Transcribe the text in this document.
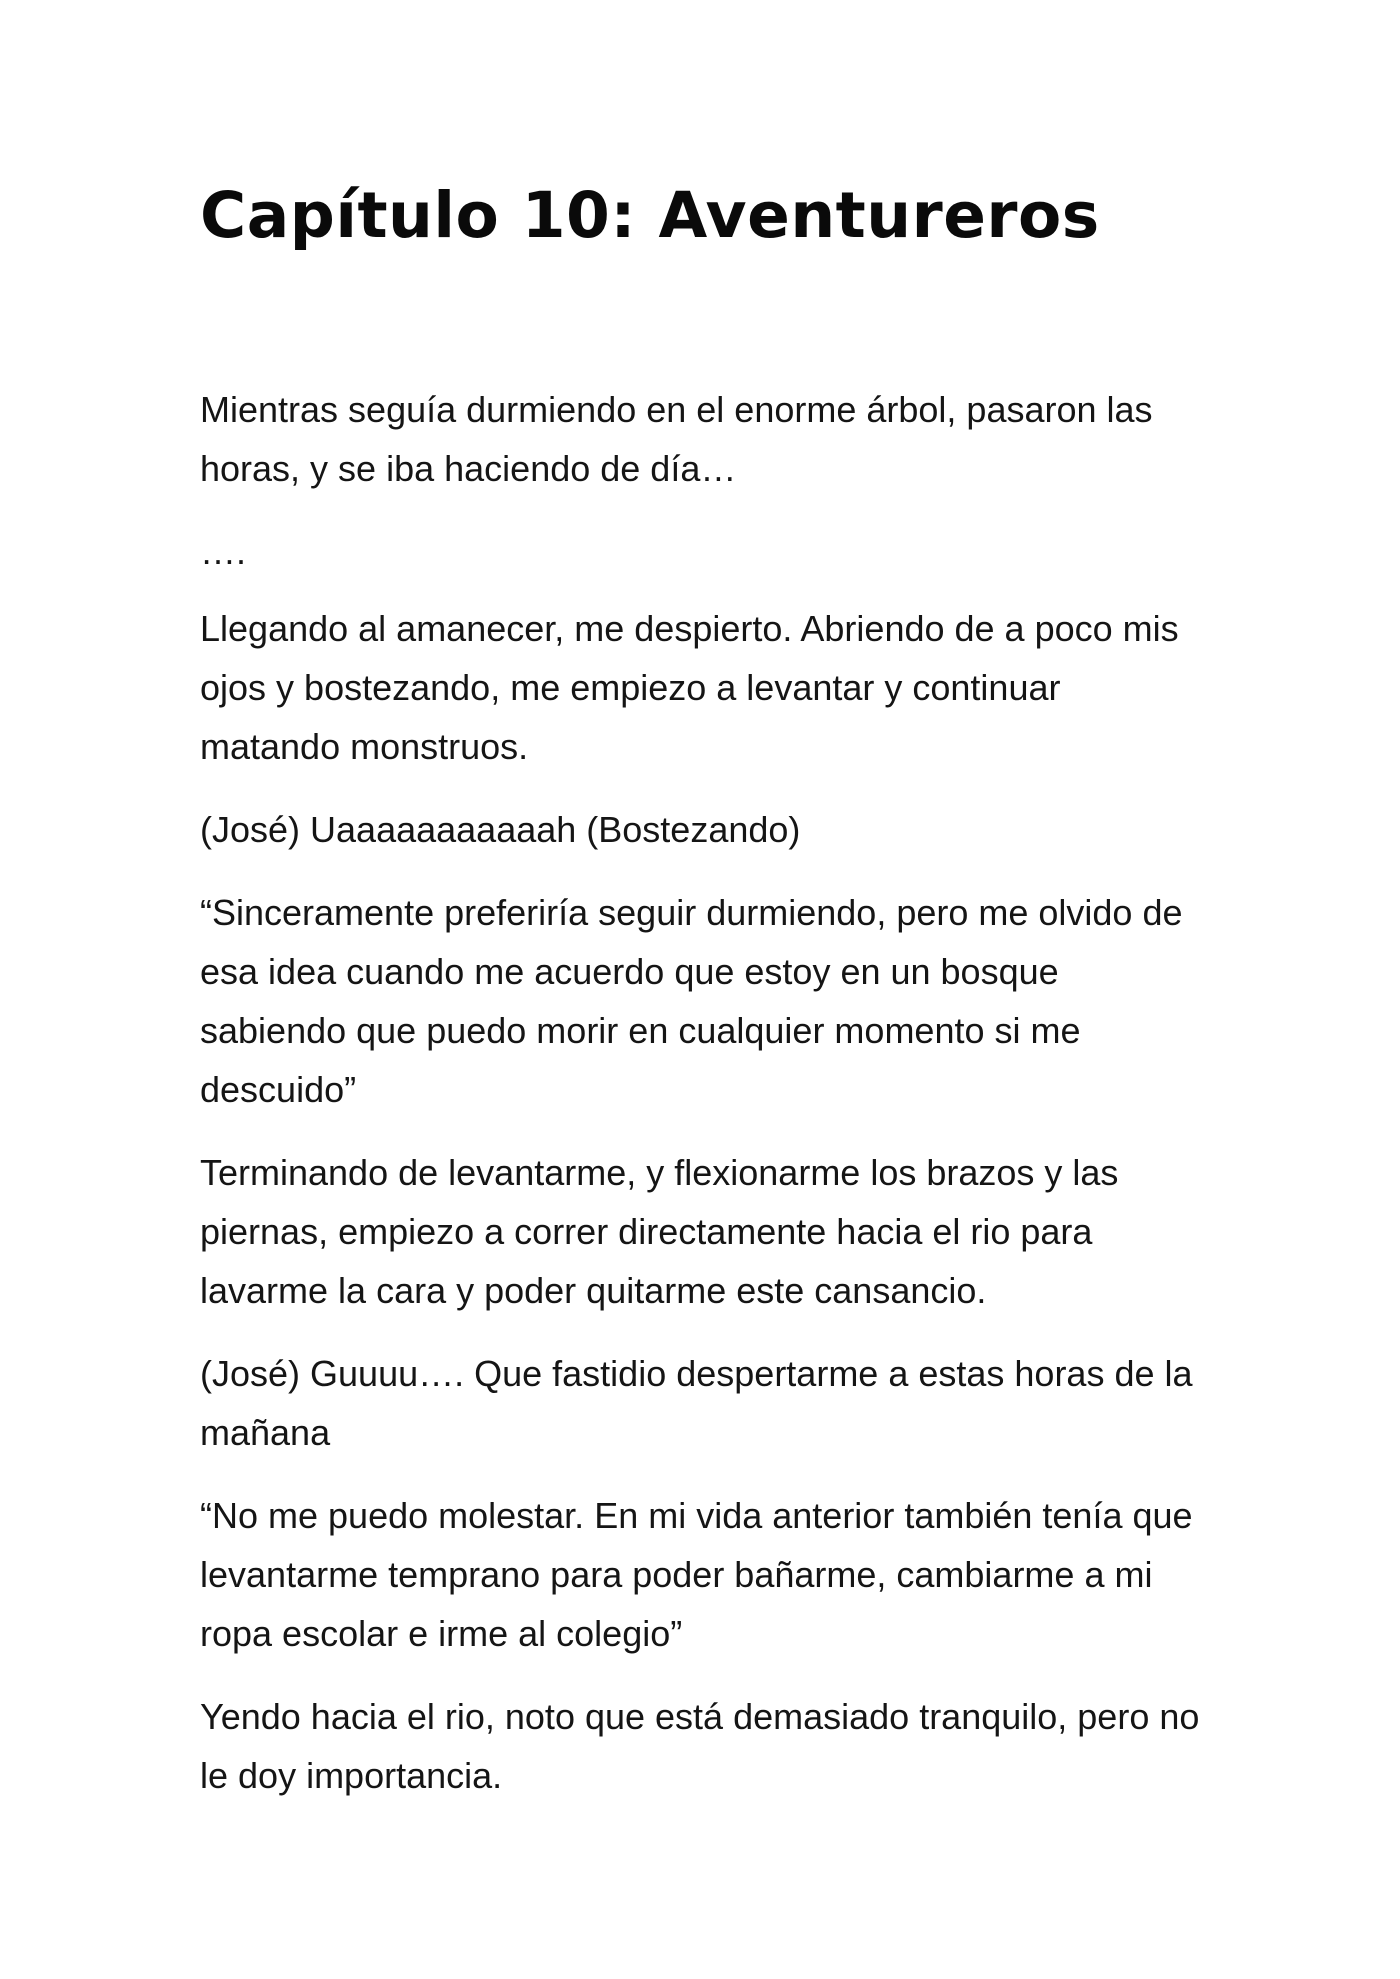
Capítulo 10: Aventureros

Mientras seguía durmiendo en el enorme árbol, pasaron las horas, y se iba haciendo de día…

….

Llegando al amanecer, me despierto. Abriendo de a poco mis ojos y bostezando, me empiezo a levantar y continuar matando monstruos.

(José) Uaaaaaaaaaaah (Bostezando)

“Sinceramente preferiría seguir durmiendo, pero me olvido de esa idea cuando me acuerdo que estoy en un bosque sabiendo que puedo morir en cualquier momento si me descuido”

Terminando de levantarme, y flexionarme los brazos y las piernas, empiezo a correr directamente hacia el rio para lavarme la cara y poder quitarme este cansancio.

(José) Guuuu…. Que fastidio despertarme a estas horas de la mañana

“No me puedo molestar. En mi vida anterior también tenía que levantarme temprano para poder bañarme, cambiarme a mi ropa escolar e irme al colegio”

Yendo hacia el rio, noto que está demasiado tranquilo, pero no le doy importancia.
